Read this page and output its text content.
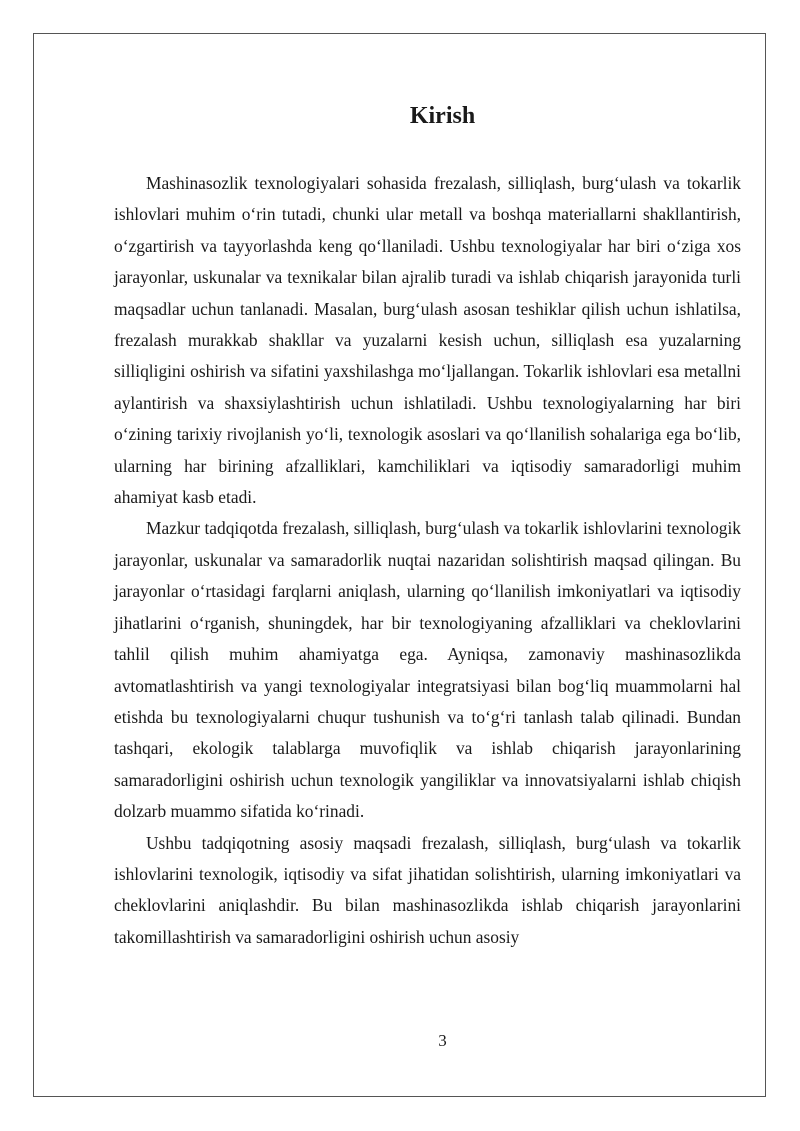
Kirish

Mashinasozlik texnologiyalari sohasida frezalash, silliqlash, burg‘ulash va tokarlik ishlovlari muhim o‘rin tutadi, chunki ular metall va boshqa materiallarni shakllantirish, o‘zgartirish va tayyorlashda keng qo‘llaniladi. Ushbu texnologiyalar har biri o‘ziga xos jarayonlar, uskunalar va texnikalar bilan ajralib turadi va ishlab chiqarish jarayonida turli maqsadlar uchun tanlanadi. Masalan, burg‘ulash asosan teshiklar qilish uchun ishlatilsa, frezalash murakkab shakllar va yuzalarni kesish uchun, silliqlash esa yuzalarning silliqligini oshirish va sifatini yaxshilashga mo‘ljallangan. Tokarlik ishlovlari esa metallni aylantirish va shaxsiylashtirish uchun ishlatiladi. Ushbu texnologiyalarning har biri o‘zining tarixiy rivojlanish yo‘li, texnologik asoslari va qo‘llanilish sohalariga ega bo‘lib, ularning har birining afzalliklari, kamchiliklari va iqtisodiy samaradorligi muhim ahamiyat kasb etadi.

Mazkur tadqiqotda frezalash, silliqlash, burg‘ulash va tokarlik ishlovlarini texnologik jarayonlar, uskunalar va samaradorlik nuqtai nazaridan solishtirish maqsad qilingan. Bu jarayonlar o‘rtasidagi farqlarni aniqlash, ularning qo‘llanilish imkoniyatlari va iqtisodiy jihatlarini o‘rganish, shuningdek, har bir texnologiyaning afzalliklari va cheklovlarini tahlil qilish muhim ahamiyatga ega. Ayniqsa, zamonaviy mashinasozlikda avtomatlashtirish va yangi texnologiyalar integratsiyasi bilan bog‘liq muammolarni hal etishda bu texnologiyalarni chuqur tushunish va to‘g‘ri tanlash talab qilinadi. Bundan tashqari, ekologik talablarga muvofiqlik va ishlab chiqarish jarayonlarining samaradorligini oshirish uchun texnologik yangiliklar va innovatsiyalarni ishlab chiqish dolzarb muammo sifatida ko‘rinadi.

Ushbu tadqiqotning asosiy maqsadi frezalash, silliqlash, burg‘ulash va tokarlik ishlovlarini texnologik, iqtisodiy va sifat jihatidan solishtirish, ularning imkoniyatlari va cheklovlarini aniqlashdir. Bu bilan mashinasozlikda ishlab chiqarish jarayonlarini takomillashtirish va samaradorligini oshirish uchun asosiy

3
